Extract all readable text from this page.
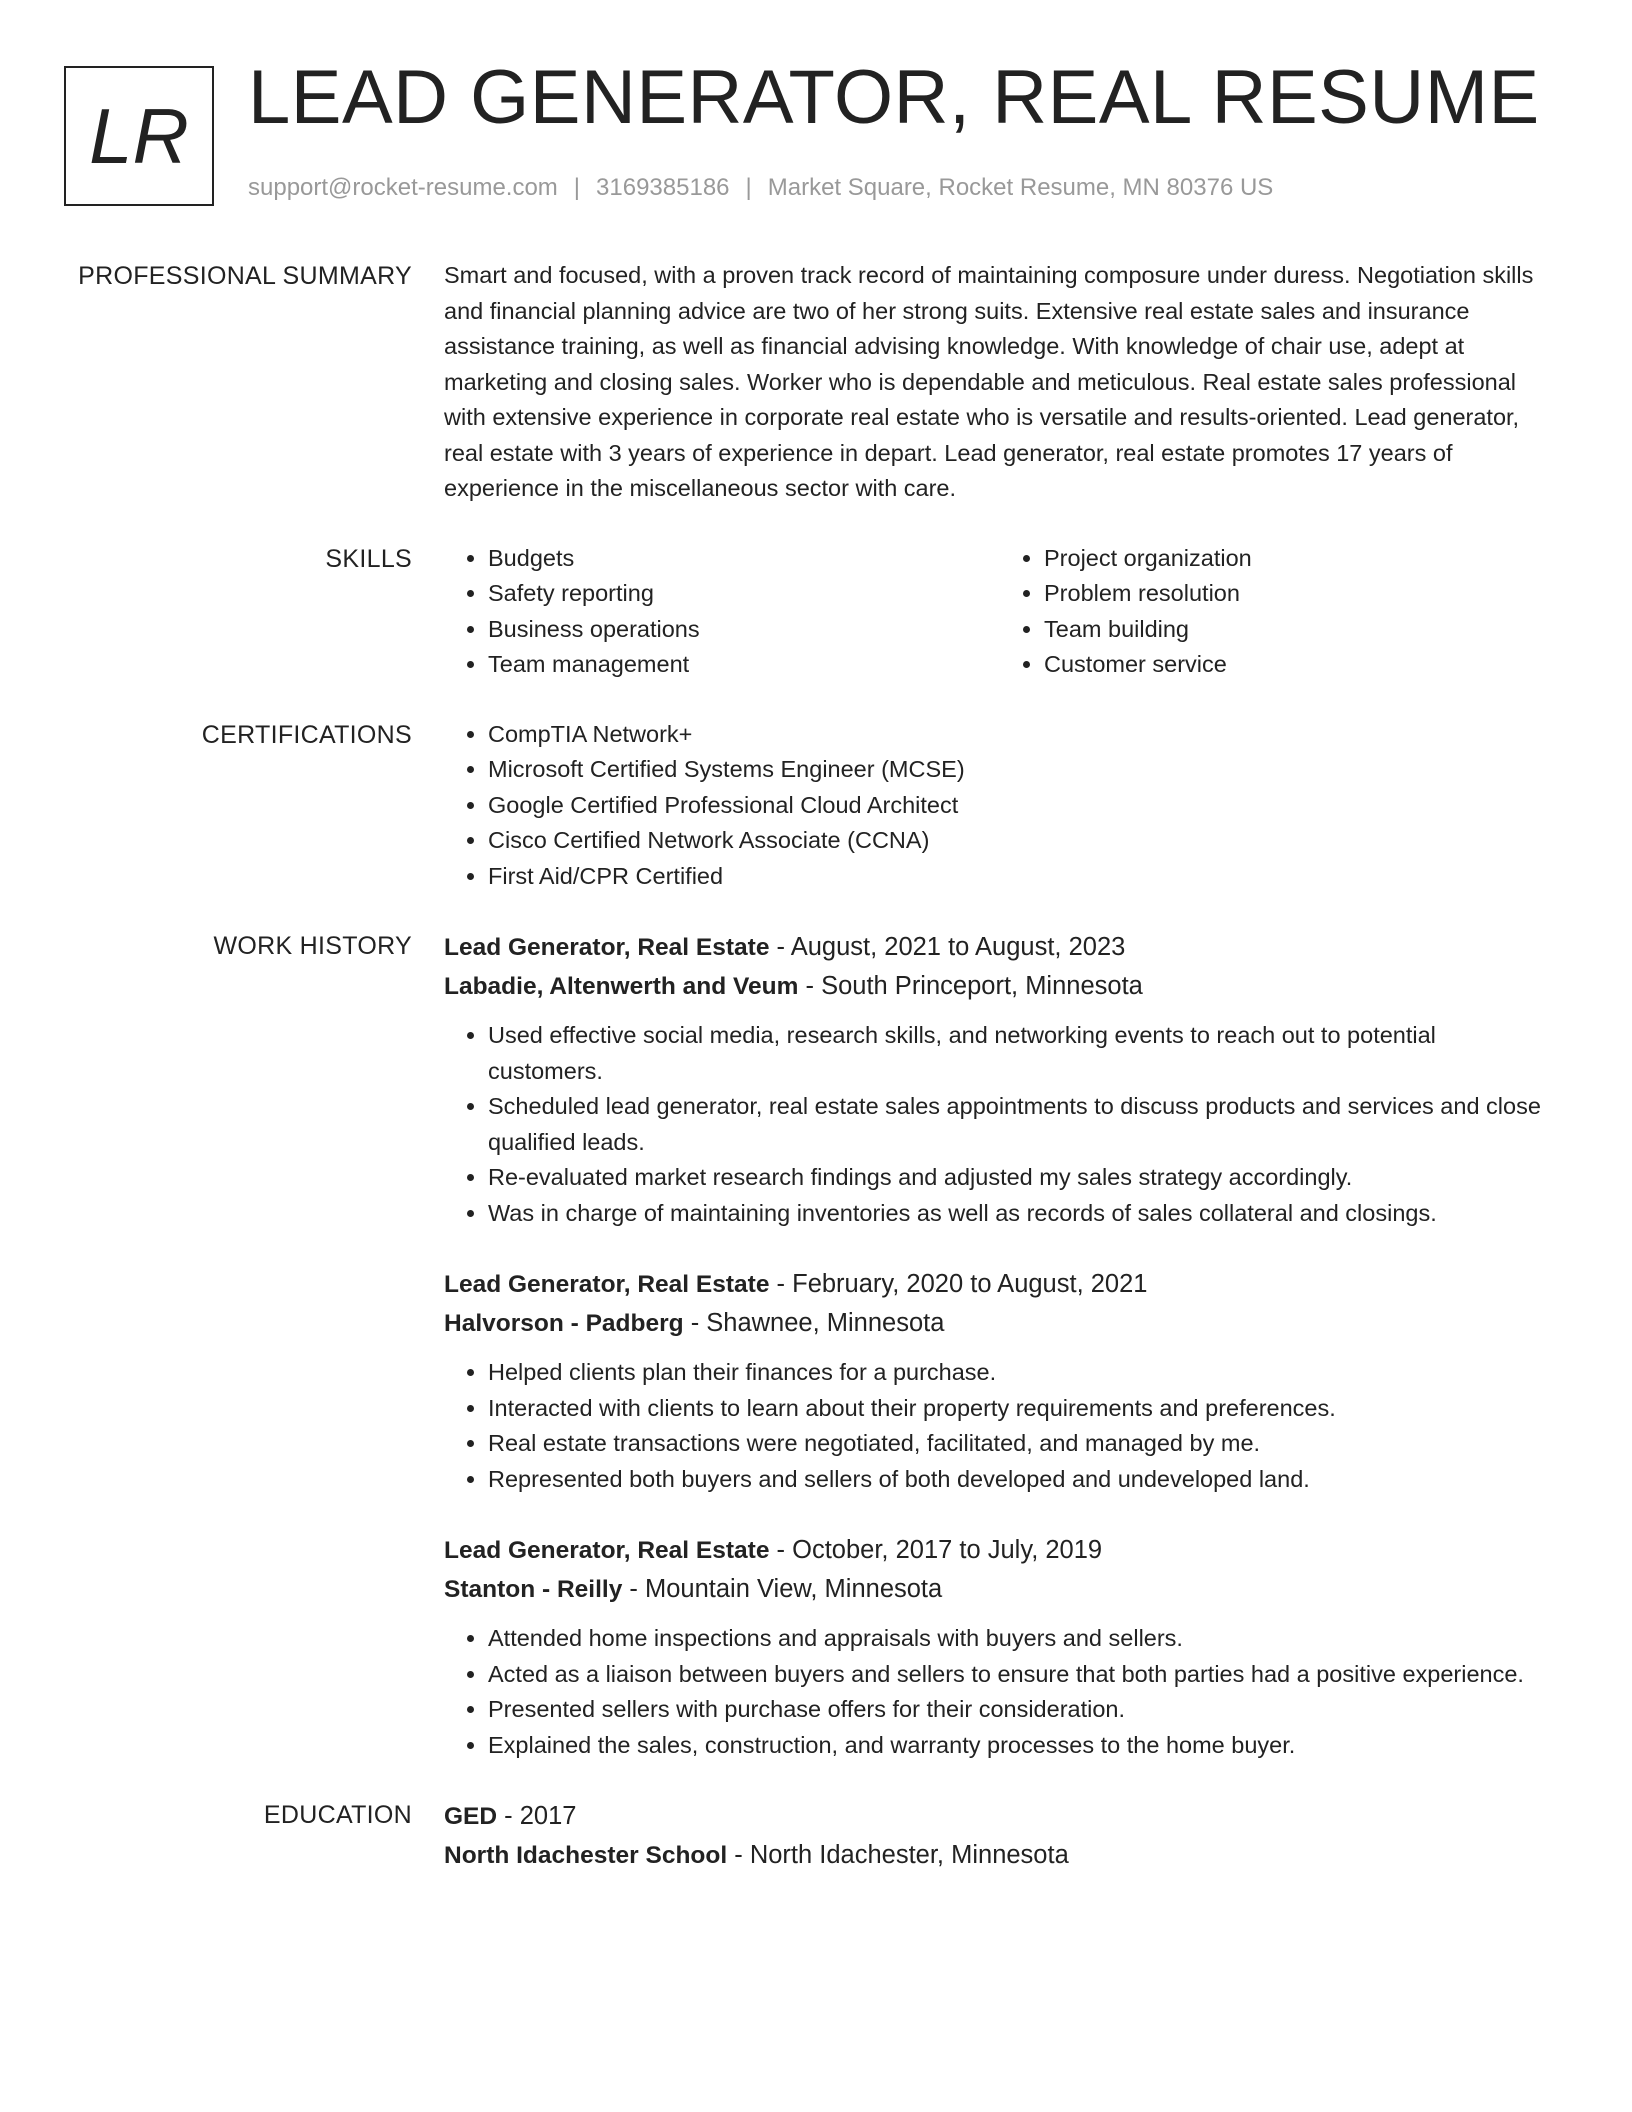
LR LEAD GENERATOR, REAL RESUME
support@rocket-resume.com | 3169385186 | Market Square, Rocket Resume, MN 80376 US
PROFESSIONAL SUMMARY Smart and focused, with a proven track record of maintaining composure under duress. Negotiation skills and financial planning advice are two of her strong suits. Extensive real estate sales and insurance assistance training, as well as financial advising knowledge. With knowledge of chair use, adept at marketing and closing sales. Worker who is dependable and meticulous. Real estate sales professional with extensive experience in corporate real estate who is versatile and results-oriented. Lead generator, real estate with 3 years of experience in depart. Lead generator, real estate promotes 17 years of experience in the miscellaneous sector with care.

SKILLS	• Budgets
• Safety reporting
• Business operations
• Team management
• Project organization
• Problem resolution
• Team building
• Customer service
CERTIFICATIONS	• CompTIA Network+
• Microsoft Certified Systems Engineer (MCSE)
• Google Certified Professional Cloud Architect
• Cisco Certified Network Associate (CCNA)
• First Aid/CPR Certified
WORK HISTORY Lead Generator, Real Estate - August, 2021 to August, 2023
Labadie, Altenwerth and Veum - South Princeport, Minnesota
• Used effective social media, research skills, and networking events to reach out to potential customers.
• Scheduled lead generator, real estate sales appointments to discuss products and services and close qualified leads.
• Re-evaluated market research findings and adjusted my sales strategy accordingly.
• Was in charge of maintaining inventories as well as records of sales collateral and closings.
Lead Generator, Real Estate - February, 2020 to August, 2021
Halvorson - Padberg - Shawnee, Minnesota
• Helped clients plan their finances for a purchase.
• Interacted with clients to learn about their property requirements and preferences.
• Real estate transactions were negotiated, facilitated, and managed by me.
• Represented both buyers and sellers of both developed and undeveloped land.
Lead Generator, Real Estate - October, 2017 to July, 2019
Stanton - Reilly - Mountain View, Minnesota
• Attended home inspections and appraisals with buyers and sellers.
• Acted as a liaison between buyers and sellers to ensure that both parties had a positive experience.
• Presented sellers with purchase offers for their consideration.
• Explained the sales, construction, and warranty processes to the home buyer.
EDUCATION GED - 2017
North Idachester School - North Idachester, Minnesota
